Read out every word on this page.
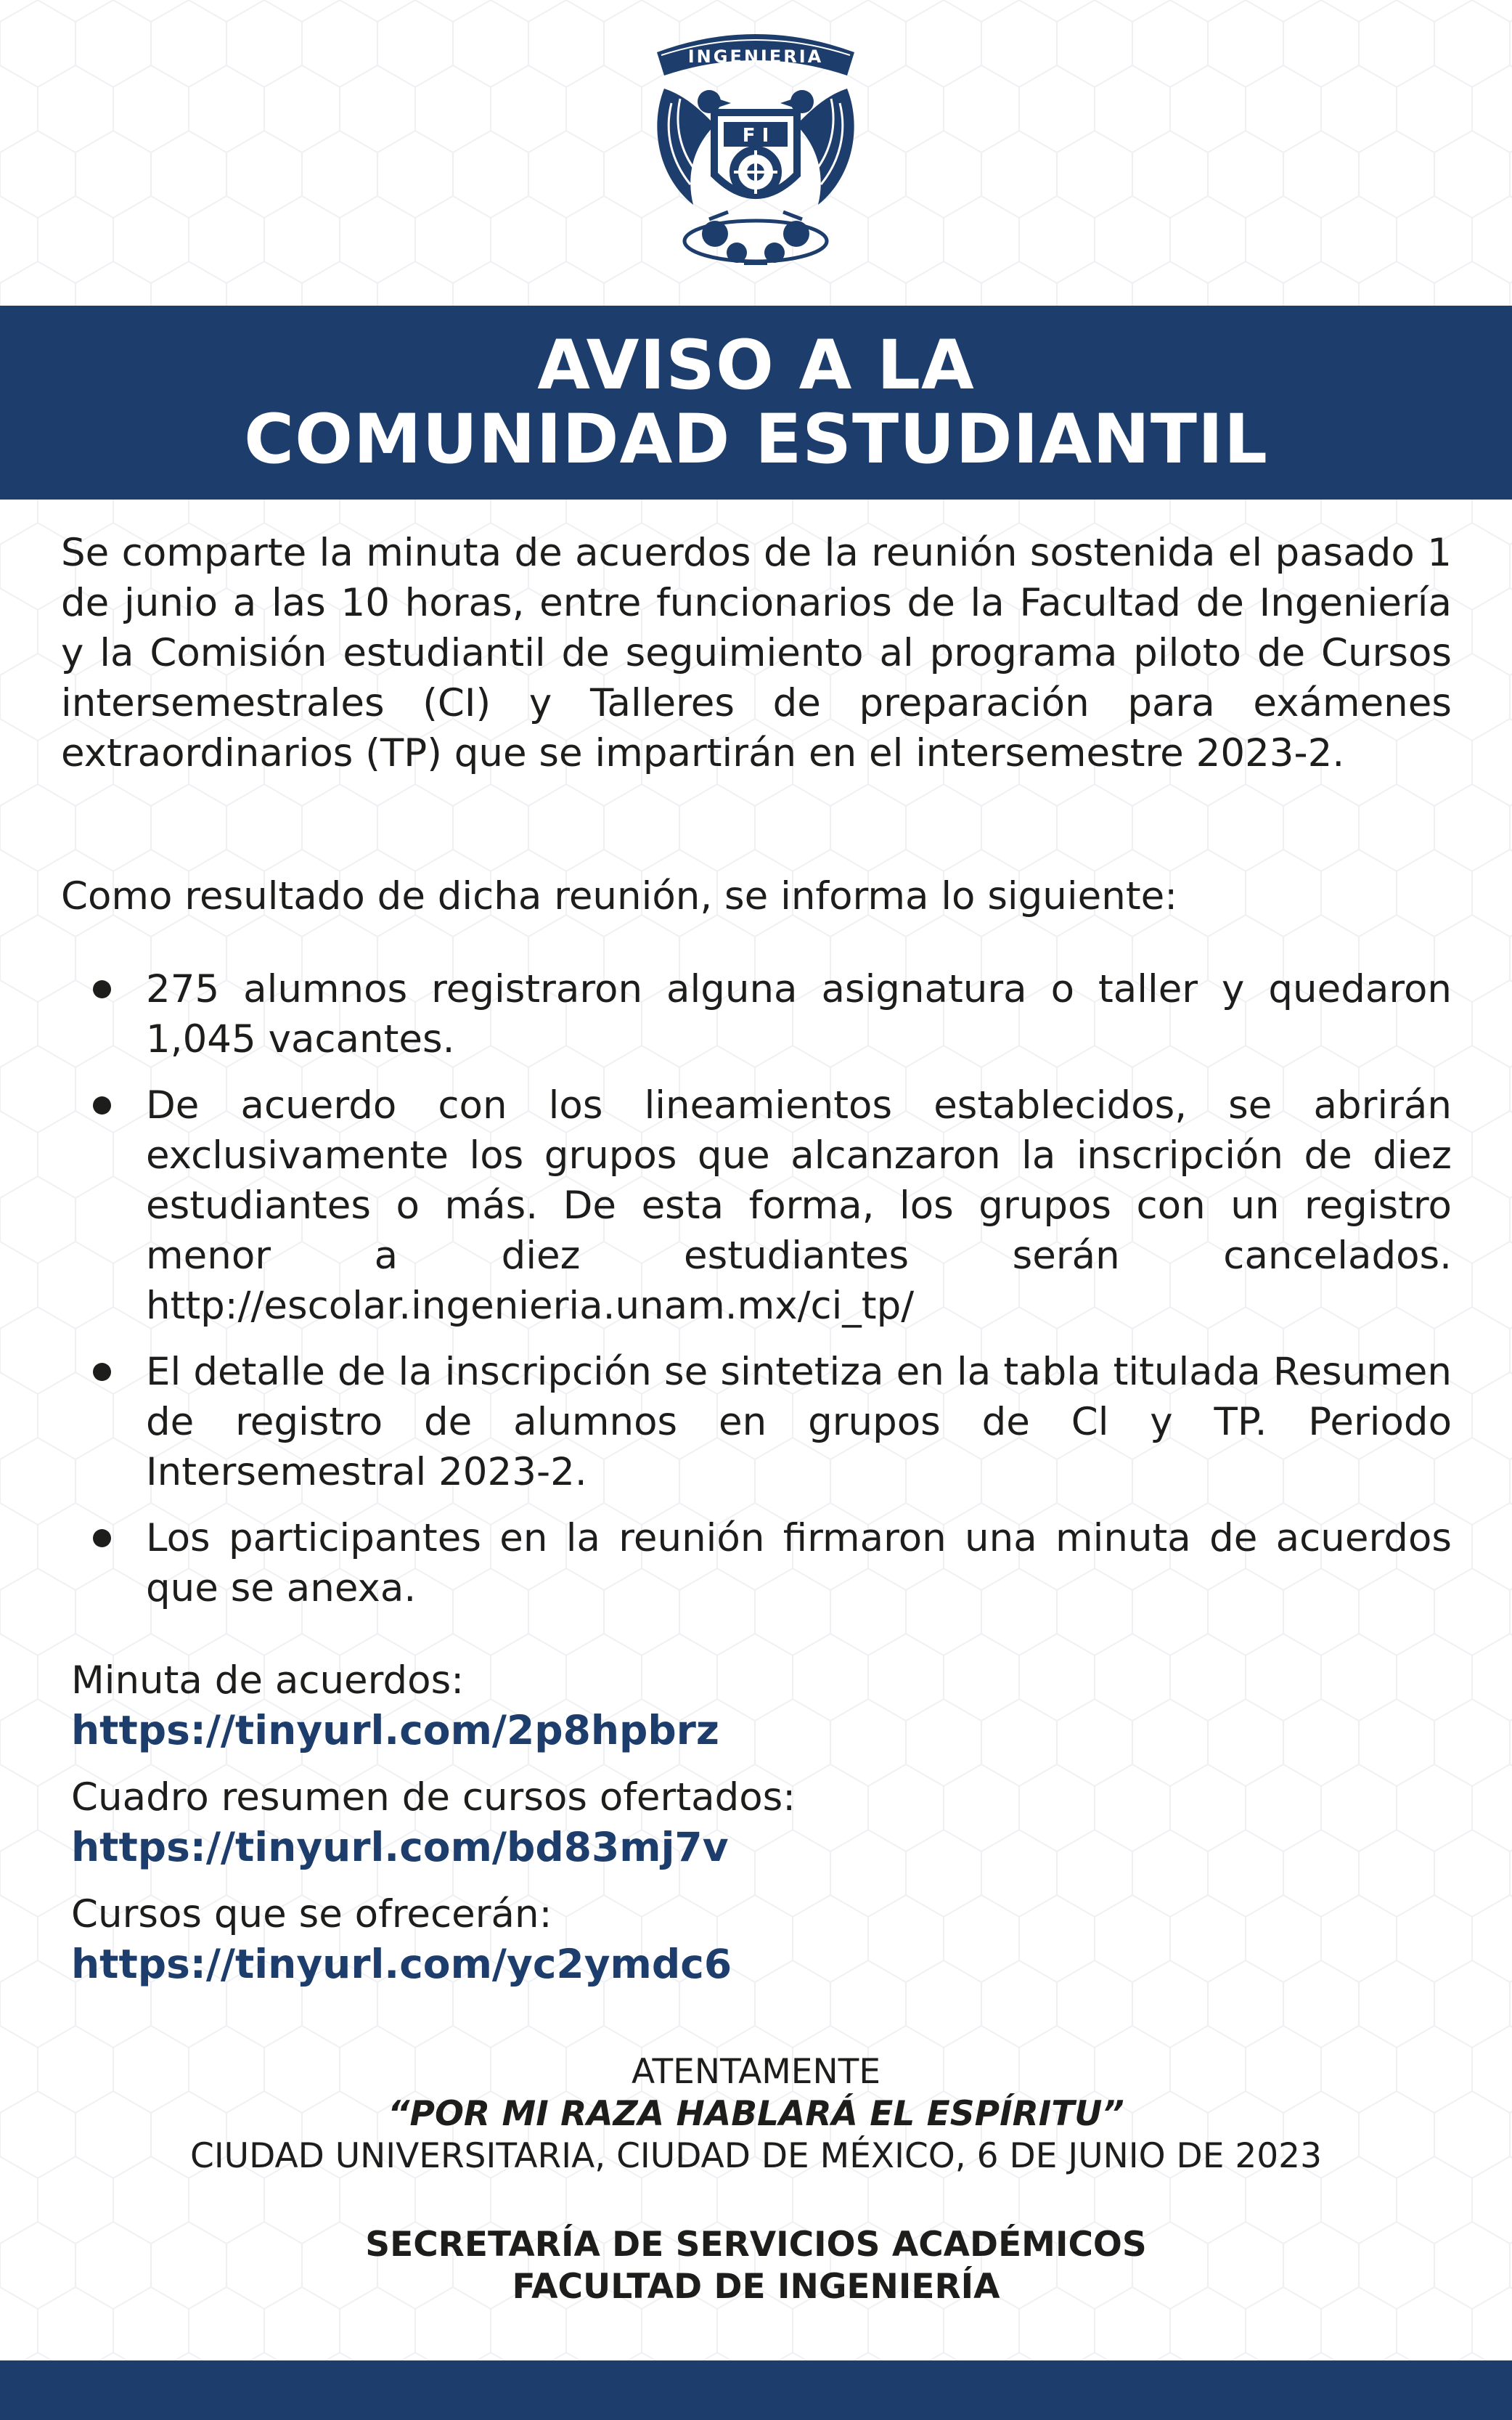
INGENIERIA
F I
AVISO A LA
COMUNIDAD ESTUDIANTIL

Se comparte la minuta de acuerdos de la reunión sostenida el pasado 1 de junio a las 10 horas, entre funcionarios de la Facultad de Ingeniería y la Comisión estudiantil de seguimiento al programa piloto de Cursos intersemestrales (CI) y Talleres de preparación para exámenes extraordinarios (TP) que se impartirán en el intersemestre 2023-2.

Como resultado de dicha reunión, se informa lo siguiente:

275 alumnos registraron alguna asignatura o taller y quedaron 1,045 vacantes.

De acuerdo con los lineamientos establecidos, se abrirán exclusivamente los grupos que alcanzaron la inscripción de diez estudiantes o más. De esta forma, los grupos con un registro menor a diez estudiantes serán cancelados. http://escolar.ingenieria.unam.mx/ci_tp/

El detalle de la inscripción se sintetiza en la tabla titulada Resumen de registro de alumnos en grupos de Cl y TP. Periodo Intersemestral 2023-2.

Los participantes en la reunión firmaron una minuta de acuerdos que se anexa.

Minuta de acuerdos:

https://tinyurl.com/2p8hpbrz

Cuadro resumen de cursos ofertados:

https://tinyurl.com/bd83mj7v

Cursos que se ofrecerán:

https://tinyurl.com/yc2ymdc6

ATENTAMENTE

“POR MI RAZA HABLARÁ EL ESPÍRITU”

CIUDAD UNIVERSITARIA, CIUDAD DE MÉXICO, 6 DE JUNIO DE 2023

SECRETARÍA DE SERVICIOS ACADÉMICOS

FACULTAD DE INGENIERÍA
